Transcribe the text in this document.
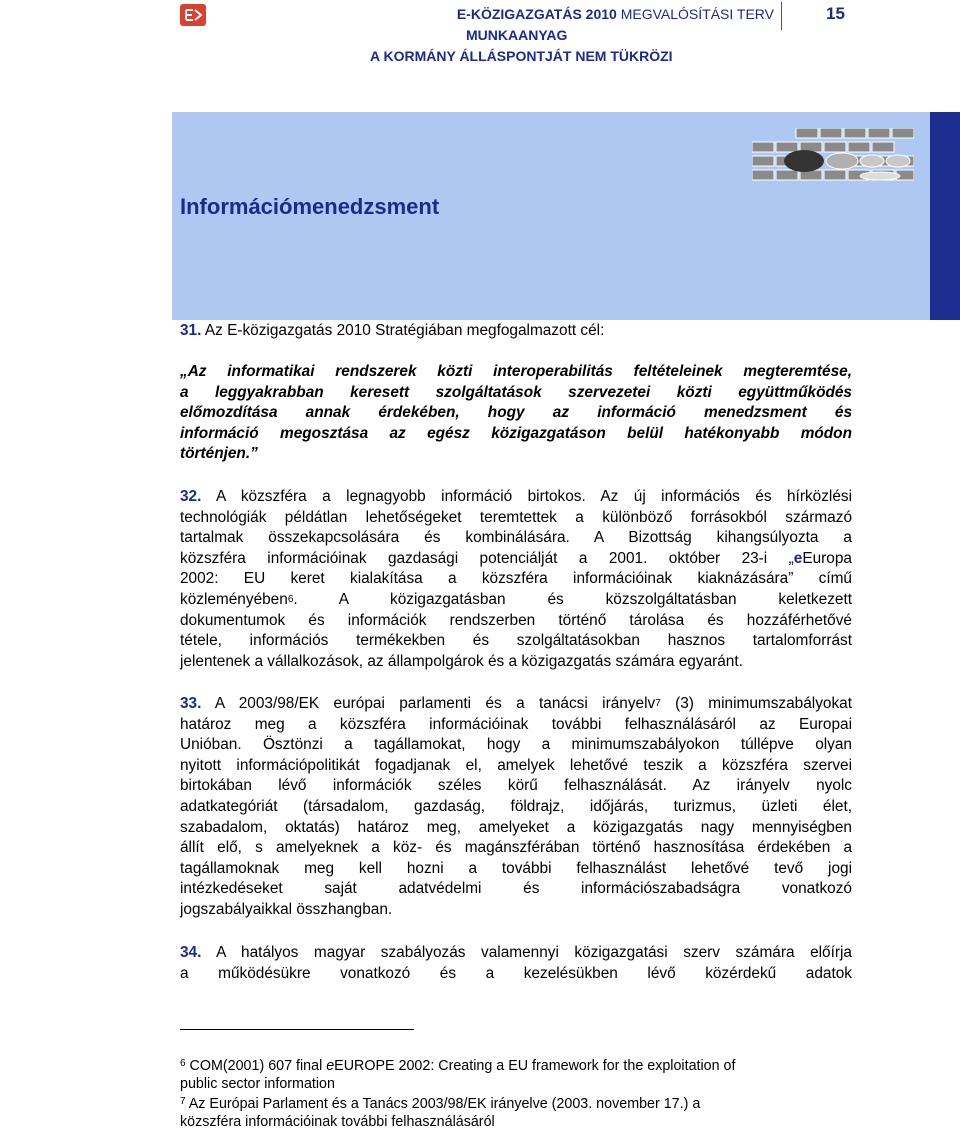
E-KÖZIGAZGATÁS 2010 MEGVALÓSÍTÁSI TERV	15
MUNKAANYAG
A KORMÁNY ÁLLÁSPONTJÁT NEM TÜKRÖZI
Információmenedzsment
31. Az E-közigazgatás 2010 Stratégiában megfogalmazott cél:
„Az informatikai rendszerek közti interoperabilitás feltételeinek megteremtése,
a leggyakrabban keresett szolgáltatások szervezetei közti együttműködés
előmozdítása annak érdekében, hogy az információ menedzsment és
információ megosztása az egész közigazgatáson belül hatékonyabb módon
történjen.”
32. A közszféra a legnagyobb információ birtokos. Az új információs és hírközlési
technológiák példátlan lehetőségeket teremtettek a különböző forrásokból származó
tartalmak összekapcsolására és kombinálására. A Bizottság kihangsúlyozta a
közszféra információinak gazdasági potenciálját a 2001. október 23-i „eEuropa
2002: EU keret kialakítása a közszféra információinak kiaknázására” című
közleményében$^6$. A közigazgatásban és közszolgáltatásban keletkezett
dokumentumok és információk rendszerben történő tárolása és hozzáférhetővé
tétele, információs termékekben és szolgáltatásokban hasznos tartalomforrást
jelentenek a vállalkozások, az állampolgárok és a közigazgatás számára egyaránt.
33. A 2003/98/EK európai parlamenti és a tanácsi irányelv$^7$ (3) minimumszabályokat
határoz meg a közszféra információinak további felhasználásáról az Europai
Unióban. Ösztönzi a tagállamokat, hogy a minimumszabályokon túllépve olyan
nyitott információpolitikát fogadjanak el, amelyek lehetővé teszik a közszféra szervei
birtokában lévő információk széles körű felhasználását. Az irányelv nyolc
adatkategóriát (társadalom, gazdaság, földrajz, időjárás, turizmus, üzleti élet,
szabadalom, oktatás) határoz meg, amelyeket a közigazgatás nagy mennyiségben
állít elő, s amelyeknek a köz- és magánszférában történő hasznosítása érdekében a
tagállamoknak meg kell hozni a további felhasználást lehetővé tevő jogi
intézkedéseket saját adatvédelmi és információszabadságra vonatkozó
jogszabályaikkal összhangban.
34. A hatályos magyar szabályozás valamennyi közigazgatási szerv számára előírja
a működésükre vonatkozó és a kezelésükben lévő közérdekű adatok
$^6$ COM(2001) 607 final eEUROPE 2002: Creating a EU framework for the exploitation of
public sector information
$^7$ Az Európai Parlament és a Tanács 2003/98/EK irányelve (2003. november 17.) a
közszféra információinak további felhasználásáról
